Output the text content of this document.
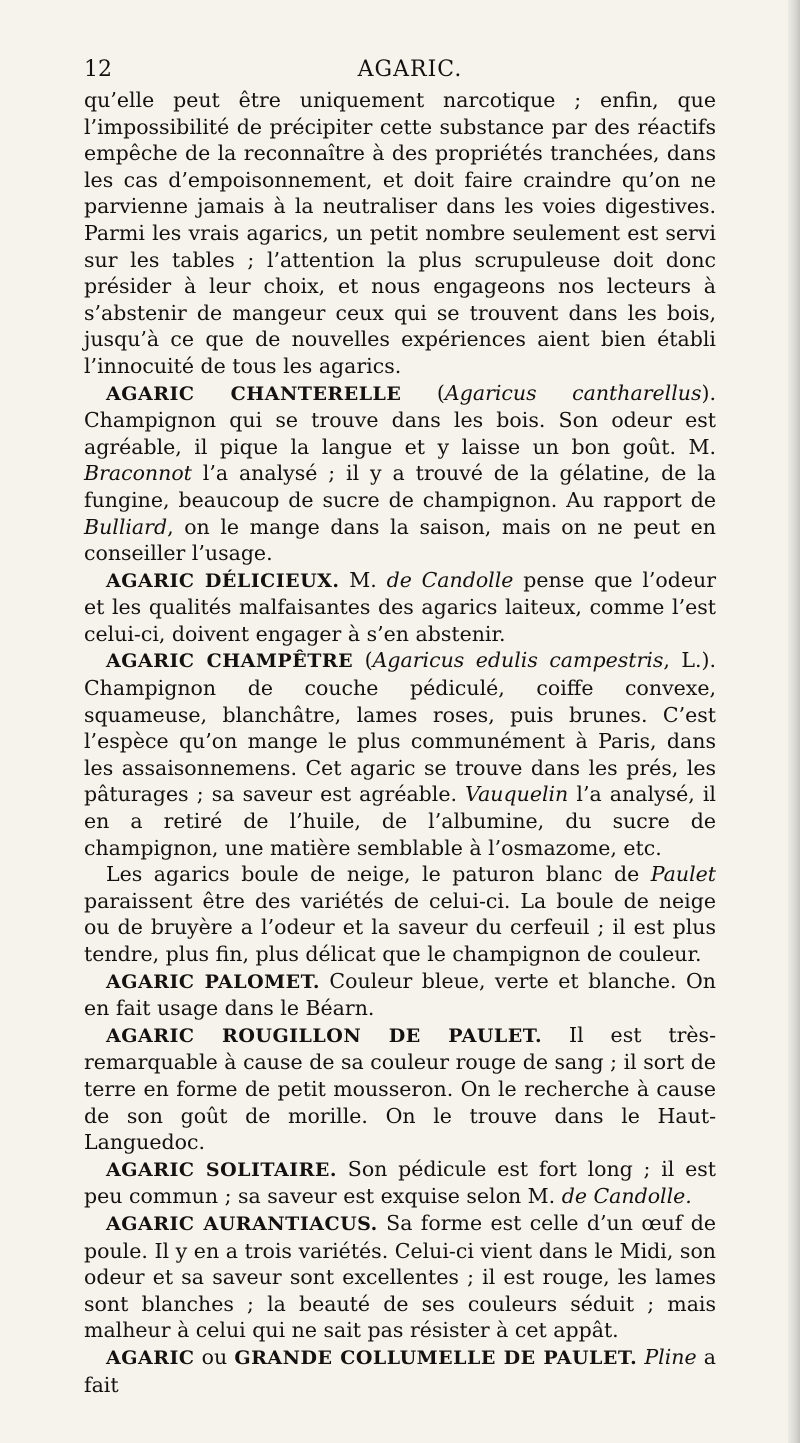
12	AGARIC.

qu’elle peut être uniquement narcotique ; enfin, que l’impossibilité de précipiter cette substance par des réactifs empêche de la reconnaître à des propriétés tranchées, dans les cas d’empoisonnement, et doit faire craindre qu’on ne parvienne jamais à la neutraliser dans les voies digestives. Parmi les vrais agarics, un petit nombre seulement est servi sur les tables ; l’attention la plus scrupuleuse doit donc présider à leur choix, et nous engageons nos lecteurs à s’abstenir de mangeur ceux qui se trouvent dans les bois, jusqu’à ce que de nouvelles expériences aient bien établi l’innocuité de tous les agarics.

AGARIC CHANTERELLE (Agaricus cantharellus). Champignon qui se trouve dans les bois. Son odeur est agréable, il pique la langue et y laisse un bon goût. M. Braconnot l’a analysé ; il y a trouvé de la gélatine, de la fungine, beaucoup de sucre de champignon. Au rapport de Bulliard, on le mange dans la saison, mais on ne peut en conseiller l’usage.

AGARIC DÉLICIEUX. M. de Candolle pense que l’odeur et les qualités malfaisantes des agarics laiteux, comme l’est celui-ci, doivent engager à s’en abstenir.

AGARIC CHAMPÊTRE (Agaricus edulis campestris, L.). Champignon de couche pédiculé, coiffe convexe, squameuse, blanchâtre, lames roses, puis brunes. C’est l’espèce qu’on mange le plus communément à Paris, dans les assaisonnemens. Cet agaric se trouve dans les prés, les pâturages ; sa saveur est agréable. Vauquelin l’a analysé, il en a retiré de l’huile, de l’albumine, du sucre de champignon, une matière semblable à l’osmazome, etc.

Les agarics boule de neige, le paturon blanc de Paulet paraissent être des variétés de celui-ci. La boule de neige ou de bruyère a l’odeur et la saveur du cerfeuil ; il est plus tendre, plus fin, plus délicat que le champignon de couleur.

AGARIC PALOMET. Couleur bleue, verte et blanche. On en fait usage dans le Béarn.

AGARIC ROUGILLON DE PAULET. Il est très-remarquable à cause de sa couleur rouge de sang ; il sort de terre en forme de petit mousseron. On le recherche à cause de son goût de morille. On le trouve dans le Haut-Languedoc.

AGARIC SOLITAIRE. Son pédicule est fort long ; il est peu commun ; sa saveur est exquise selon M. de Candolle.

AGARIC AURANTIACUS. Sa forme est celle d’un œuf de poule. Il y en a trois variétés. Celui-ci vient dans le Midi, son odeur et sa saveur sont excellentes ; il est rouge, les lames sont blanches ; la beauté de ses couleurs séduit ; mais malheur à celui qui ne sait pas résister à cet appât.

AGARIC ou GRANDE COLLUMELLE DE PAULET. Pline a fait
